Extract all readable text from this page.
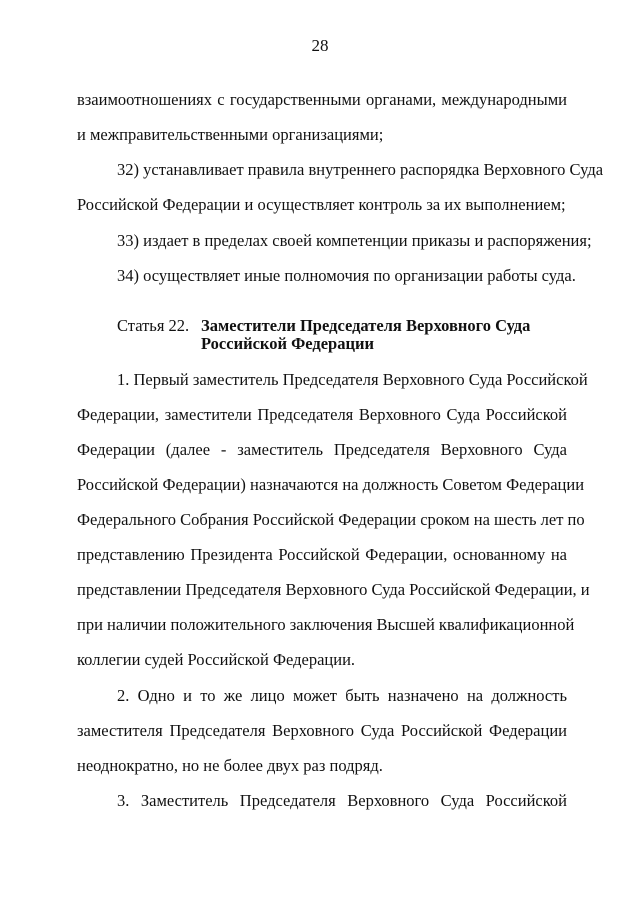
28
взаимоотношениях с государственными органами, международными
и межправительственными организациями;
32) устанавливает правила внутреннего распорядка Верховного Суда
Российской Федерации и осуществляет контроль за их выполнением;
33) издает в пределах своей компетенции приказы и распоряжения;
34) осуществляет иные полномочия по организации работы суда.
Статья 22. Заместители Председателя Верховного Суда
Российской Федерации
1. Первый заместитель Председателя Верховного Суда Российской
Федерации, заместители Председателя Верховного Суда Российской
Федерации (далее - заместитель Председателя Верховного Суда
Российской Федерации) назначаются на должность Советом Федерации
Федерального Собрания Российской Федерации сроком на шесть лет по
представлению Президента Российской Федерации, основанному на
представлении Председателя Верховного Суда Российской Федерации, и
при наличии положительного заключения Высшей квалификационной
коллегии судей Российской Федерации.
2. Одно и то же лицо может быть назначено на должность
заместителя Председателя Верховного Суда Российской Федерации
неоднократно, но не более двух раз подряд.
3. Заместитель Председателя Верховного Суда Российской
